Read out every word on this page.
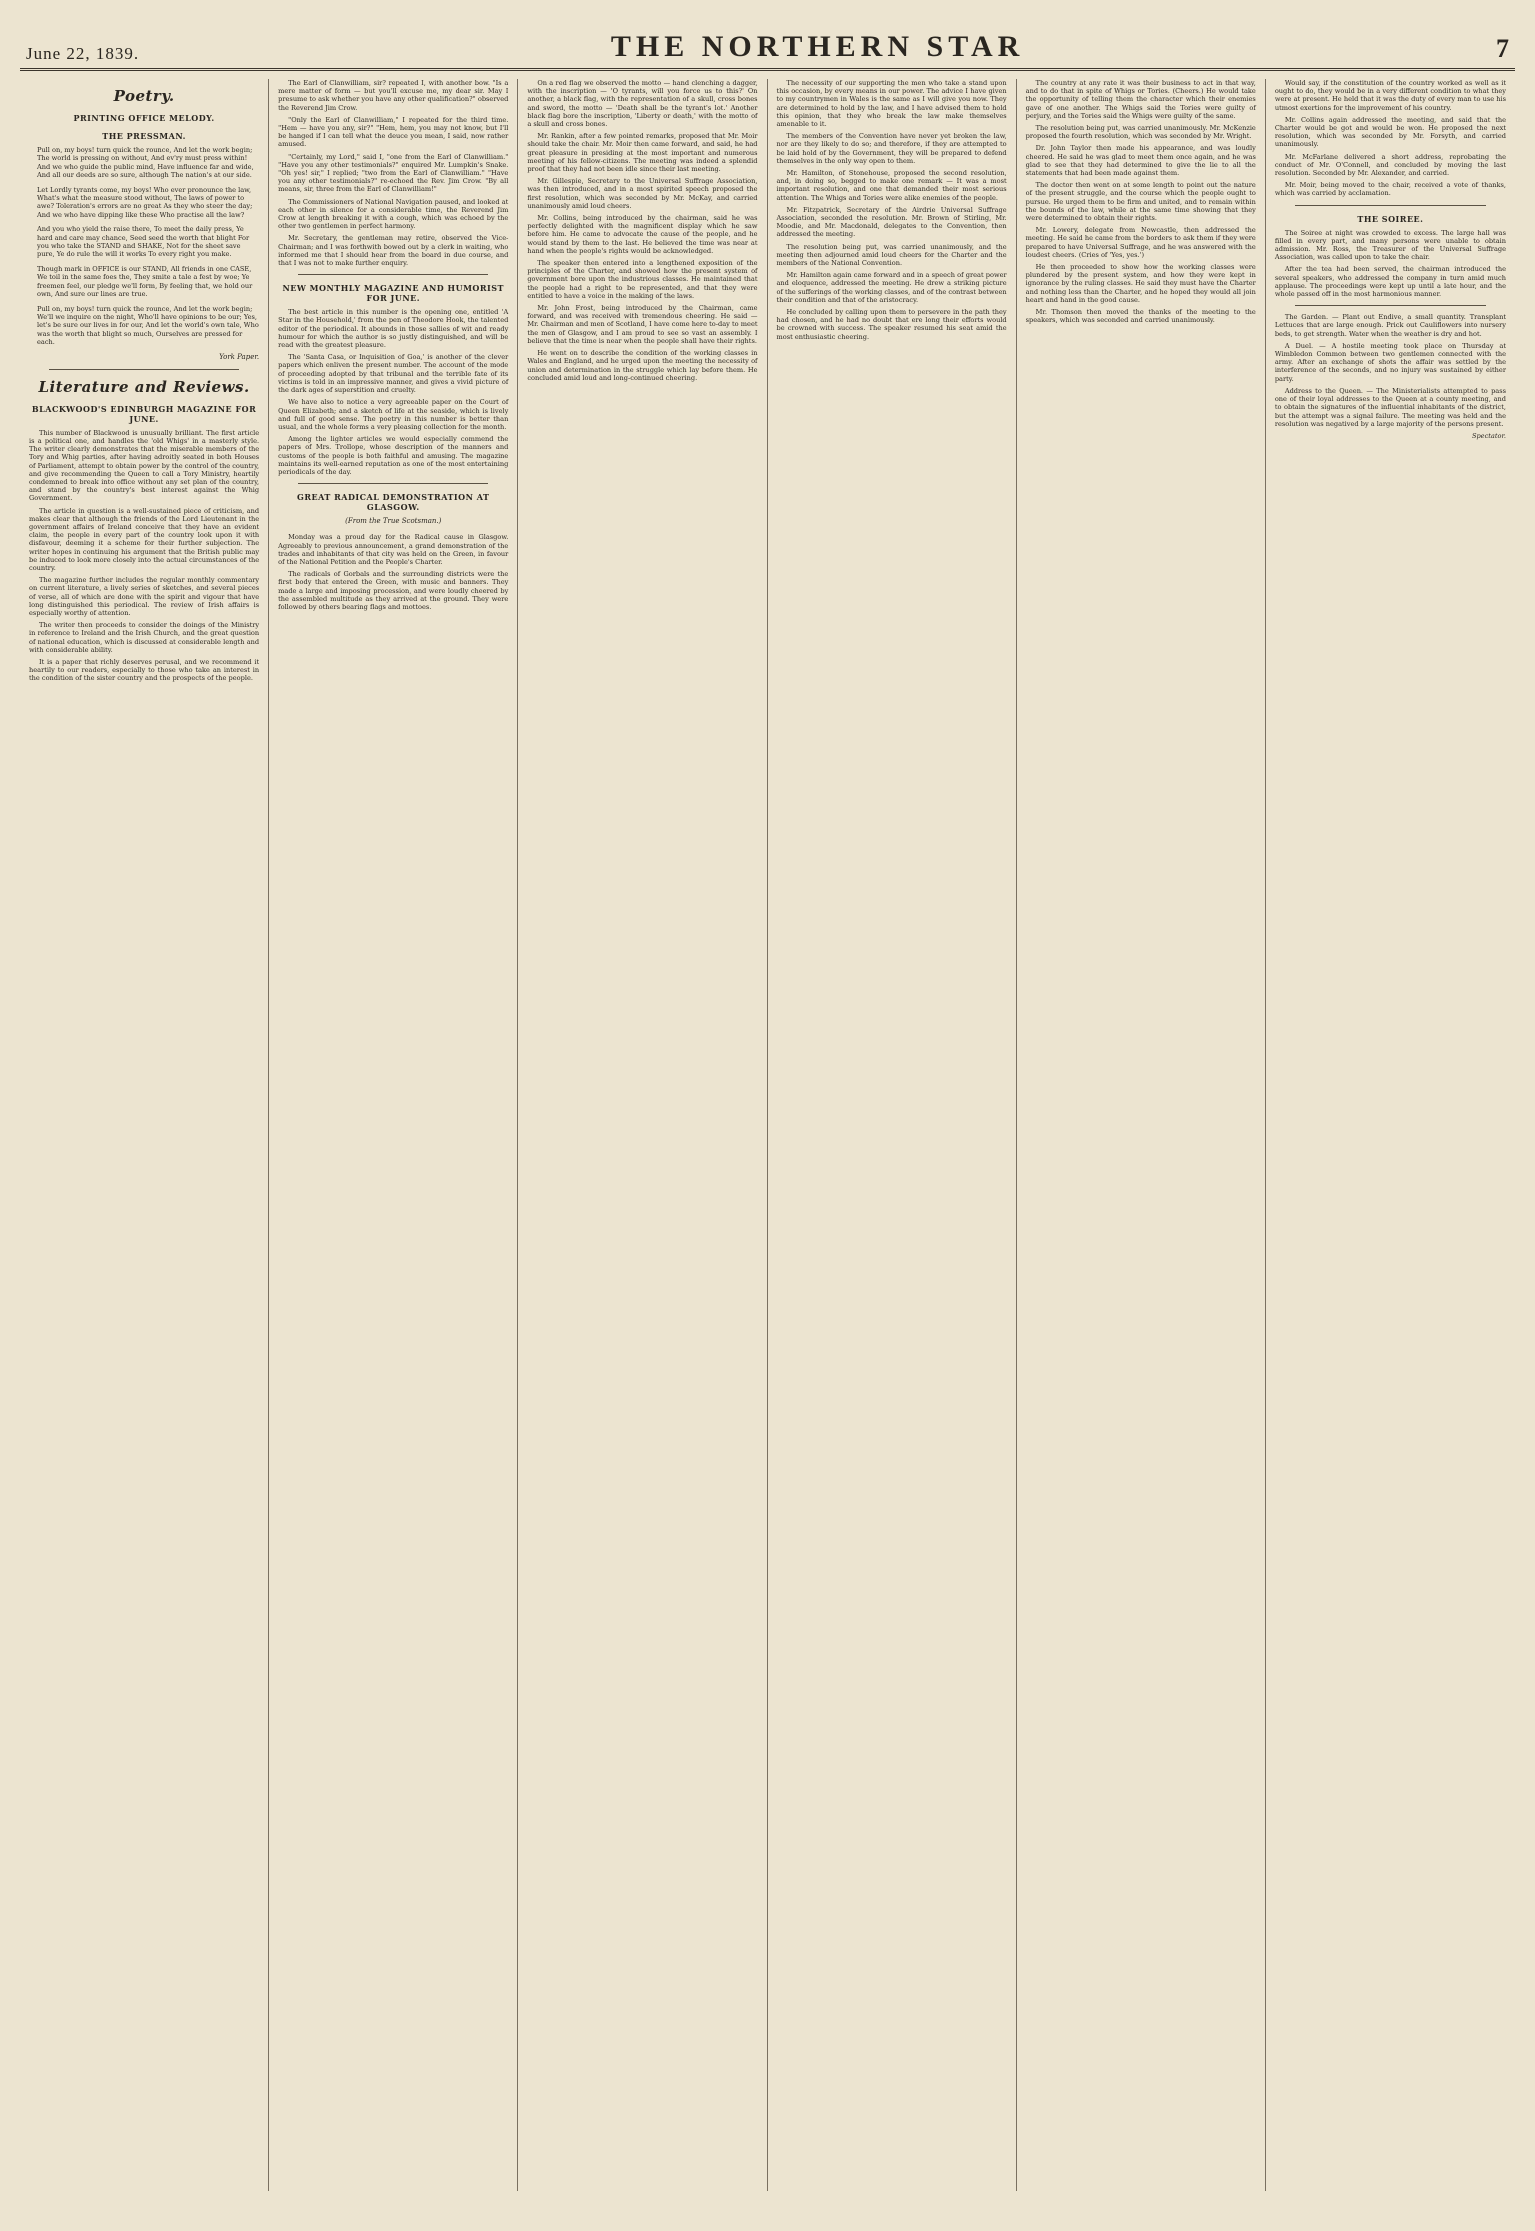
June 22, 1839.	THE NORTHERN STAR	7
Poetry.
PRINTING OFFICE MELODY.
THE PRESSMAN.

Pull on, my boys! turn quick the rounce, And let the work begin; The world is pressing on without, And ev'ry must press within! And we who guide the public mind, Have influence far and wide, And all our deeds are so sure, although The nation's at our side.

Let Lordly tyrants come, my boys! Who ever pronounce the law, What's what the measure stood without, The laws of power to awe? Toleration's errors are no great As they who steer the day; And we who have dipping like these Who practise all the law?

And you who yield the raise there, To meet the daily press, Ye hard and care may chance, Seed seed the worth that blight For you who take the STAND and SHAKE, Not for the sheet save pure, Ye do rule the will it works To every right you make.

Though mark in OFFICE is our STAND, All friends in one CASE, We toil in the same foes the, They smite a tale a fest by woe; Ye freemen feel, our pledge we'll form, By feeling that, we hold our own, And sure our lines are true.

Pull on, my boys! turn quick the rounce, And let the work begin; We'll we inquire on the night, Who'll have opinions to be our; Yes, let's be sure our lives in for our, And let the world's own tale, Who was the worth that blight so much, Ourselves are pressed for each.

York Paper.
Literature and Reviews.
BLACKWOOD'S EDINBURGH MAGAZINE FOR JUNE.

This number of Blackwood is unusually brilliant. The first article is a political one, and handles the 'old Whigs' in a masterly style. The writer clearly demonstrates that the miserable members of the Tory and Whig parties, after having adroitly seated in both Houses of Parliament, attempt to obtain power by the control of the country, and give recommending the Queen to call a Tory Ministry, heartily condemned to break into office without any set plan of the country, and stand by the country's best interest against the Whig Government.

The article in question is a well-sustained piece of criticism, and makes clear that although the friends of the Lord Lieutenant in the government affairs of Ireland conceive that they have an evident claim, the people in every part of the country look upon it with disfavour, deeming it a scheme for their further subjection. The writer hopes in continuing his argument that the British public may be induced to look more closely into the actual circumstances of the country.

The magazine further includes the regular monthly commentary on current literature, a lively series of sketches, and several pieces of verse, all of which are done with the spirit and vigour that have long distinguished this periodical. The review of Irish affairs is especially worthy of attention.

The writer then proceeds to consider the doings of the Ministry in reference to Ireland and the Irish Church, and the great question of national education, which is discussed at considerable length and with considerable ability.

It is a paper that richly deserves perusal, and we recommend it heartily to our readers, especially to those who take an interest in the condition of the sister country and the prospects of the people.

The Earl of Clanwilliam, sir? repeated I, with another bow. "Is a mere matter of form — but you'll excuse me, my dear sir. May I presume to ask whether you have any other qualification?" observed the Reverend Jim Crow.

"Only the Earl of Clanwilliam," I repeated for the third time. "Hem — have you any, sir?" "Hem, hem, you may not know, but I'll be hanged if I can tell what the deuce you mean, I said, now rather amused.

"Certainly, my Lord," said I, "one from the Earl of Clanwilliam." "Have you any other testimonials?" enquired Mr. Lumpkin's Snake. "Oh yes! sir," I replied; "two from the Earl of Clanwilliam." "Have you any other testimonials?" re-echoed the Rev. Jim Crow. "By all means, sir, three from the Earl of Clanwilliam!"

The Commissioners of National Navigation paused, and looked at each other in silence for a considerable time, the Reverend Jim Crow at length breaking it with a cough, which was echoed by the other two gentlemen in perfect harmony.

Mr. Secretary, the gentleman may retire, observed the Vice-Chairman; and I was forthwith bowed out by a clerk in waiting, who informed me that I should hear from the board in due course, and that I was not to make further enquiry.

NEW MONTHLY MAGAZINE AND HUMORIST FOR JUNE.

The best article in this number is the opening one, entitled 'A Star in the Household,' from the pen of Theodore Hook, the talented editor of the periodical. It abounds in those sallies of wit and ready humour for which the author is so justly distinguished, and will be read with the greatest pleasure.

The 'Santa Casa, or Inquisition of Goa,' is another of the clever papers which enliven the present number. The account of the mode of proceeding adopted by that tribunal and the terrible fate of its victims is told in an impressive manner, and gives a vivid picture of the dark ages of superstition and cruelty.

We have also to notice a very agreeable paper on the Court of Queen Elizabeth; and a sketch of life at the seaside, which is lively and full of good sense. The poetry in this number is better than usual, and the whole forms a very pleasing collection for the month.

Among the lighter articles we would especially commend the papers of Mrs. Trollope, whose description of the manners and customs of the people is both faithful and amusing. The magazine maintains its well-earned reputation as one of the most entertaining periodicals of the day.

GREAT RADICAL DEMONSTRATION AT GLASGOW.
(From the True Scotsman.)

Monday was a proud day for the Radical cause in Glasgow. Agreeably to previous announcement, a grand demonstration of the trades and inhabitants of that city was held on the Green, in favour of the National Petition and the People's Charter.

The radicals of Gorbals and the surrounding districts were the first body that entered the Green, with music and banners. They made a large and imposing procession, and were loudly cheered by the assembled multitude as they arrived at the ground. They were followed by others bearing flags and mottoes.

On a red flag we observed the motto — hand clenching a dagger, with the inscription — 'O tyrants, will you force us to this?' On another, a black flag, with the representation of a skull, cross bones and sword, the motto — 'Death shall be the tyrant's lot.' Another black flag bore the inscription, 'Liberty or death,' with the motto of a skull and cross bones.

Mr. Rankin, after a few pointed remarks, proposed that Mr. Moir should take the chair. Mr. Moir then came forward, and said, he had great pleasure in presiding at the most important and numerous meeting of his fellow-citizens. The meeting was indeed a splendid proof that they had not been idle since their last meeting.

Mr. Gillespie, Secretary to the Universal Suffrage Association, was then introduced, and in a most spirited speech proposed the first resolution, which was seconded by Mr. McKay, and carried unanimously amid loud cheers.

Mr. Collins, being introduced by the chairman, said he was perfectly delighted with the magnificent display which he saw before him. He came to advocate the cause of the people, and he would stand by them to the last. He believed the time was near at hand when the people's rights would be acknowledged.

The speaker then entered into a lengthened exposition of the principles of the Charter, and showed how the present system of government bore upon the industrious classes. He maintained that the people had a right to be represented, and that they were entitled to have a voice in the making of the laws.

Mr. John Frost, being introduced by the Chairman, came forward, and was received with tremendous cheering. He said — Mr. Chairman and men of Scotland, I have come here to-day to meet the men of Glasgow, and I am proud to see so vast an assembly. I believe that the time is near when the people shall have their rights.

He went on to describe the condition of the working classes in Wales and England, and he urged upon the meeting the necessity of union and determination in the struggle which lay before them. He concluded amid loud and long-continued cheering.

The necessity of our supporting the men who take a stand upon this occasion, by every means in our power. The advice I have given to my countrymen in Wales is the same as I will give you now. They are determined to hold by the law, and I have advised them to hold this opinion, that they who break the law make themselves amenable to it.

The members of the Convention have never yet broken the law, nor are they likely to do so; and therefore, if they are attempted to be laid hold of by the Government, they will be prepared to defend themselves in the only way open to them.

Mr. Hamilton, of Stonehouse, proposed the second resolution, and, in doing so, begged to make one remark — It was a most important resolution, and one that demanded their most serious attention. The Whigs and Tories were alike enemies of the people.

Mr. Fitzpatrick, Secretary of the Airdrie Universal Suffrage Association, seconded the resolution. Mr. Brown of Stirling, Mr. Moodie, and Mr. Macdonald, delegates to the Convention, then addressed the meeting.

The resolution being put, was carried unanimously, and the meeting then adjourned amid loud cheers for the Charter and the members of the National Convention.

Mr. Hamilton again came forward and in a speech of great power and eloquence, addressed the meeting. He drew a striking picture of the sufferings of the working classes, and of the contrast between their condition and that of the aristocracy.

He concluded by calling upon them to persevere in the path they had chosen, and he had no doubt that ere long their efforts would be crowned with success. The speaker resumed his seat amid the most enthusiastic cheering.

The country at any rate it was their business to act in that way, and to do that in spite of Whigs or Tories. (Cheers.) He would take the opportunity of telling them the character which their enemies gave of one another. The Whigs said the Tories were guilty of perjury, and the Tories said the Whigs were guilty of the same.

The resolution being put, was carried unanimously. Mr. McKenzie proposed the fourth resolution, which was seconded by Mr. Wright.

Dr. John Taylor then made his appearance, and was loudly cheered. He said he was glad to meet them once again, and he was glad to see that they had determined to give the lie to all the statements that had been made against them.

The doctor then went on at some length to point out the nature of the present struggle, and the course which the people ought to pursue. He urged them to be firm and united, and to remain within the bounds of the law, while at the same time showing that they were determined to obtain their rights.

Mr. Lowery, delegate from Newcastle, then addressed the meeting. He said he came from the borders to ask them if they were prepared to have Universal Suffrage, and he was answered with the loudest cheers. (Cries of 'Yes, yes.')

He then proceeded to show how the working classes were plundered by the present system, and how they were kept in ignorance by the ruling classes. He said they must have the Charter and nothing less than the Charter, and he hoped they would all join heart and hand in the good cause.

Mr. Thomson then moved the thanks of the meeting to the speakers, which was seconded and carried unanimously.

Would say, if the constitution of the country worked as well as it ought to do, they would be in a very different condition to what they were at present. He held that it was the duty of every man to use his utmost exertions for the improvement of his country.

Mr. Collins again addressed the meeting, and said that the Charter would be got and would be won. He proposed the next resolution, which was seconded by Mr. Forsyth, and carried unanimously.

Mr. McFarlane delivered a short address, reprobating the conduct of Mr. O'Connell, and concluded by moving the last resolution. Seconded by Mr. Alexander, and carried.

Mr. Moir, being moved to the chair, received a vote of thanks, which was carried by acclamation.

THE SOIREE.

The Soiree at night was crowded to excess. The large hall was filled in every part, and many persons were unable to obtain admission. Mr. Ross, the Treasurer of the Universal Suffrage Association, was called upon to take the chair.

After the tea had been served, the chairman introduced the several speakers, who addressed the company in turn amid much applause. The proceedings were kept up until a late hour, and the whole passed off in the most harmonious manner.

The Garden. — Plant out Endive, a small quantity. Transplant Lettuces that are large enough. Prick out Cauliflowers into nursery beds, to get strength. Water when the weather is dry and hot.

A Duel. — A hostile meeting took place on Thursday at Wimbledon Common between two gentlemen connected with the army. After an exchange of shots the affair was settled by the interference of the seconds, and no injury was sustained by either party.

Address to the Queen. — The Ministerialists attempted to pass one of their loyal addresses to the Queen at a county meeting, and to obtain the signatures of the influential inhabitants of the district, but the attempt was a signal failure. The meeting was held and the resolution was negatived by a large majority of the persons present.

Spectator.
